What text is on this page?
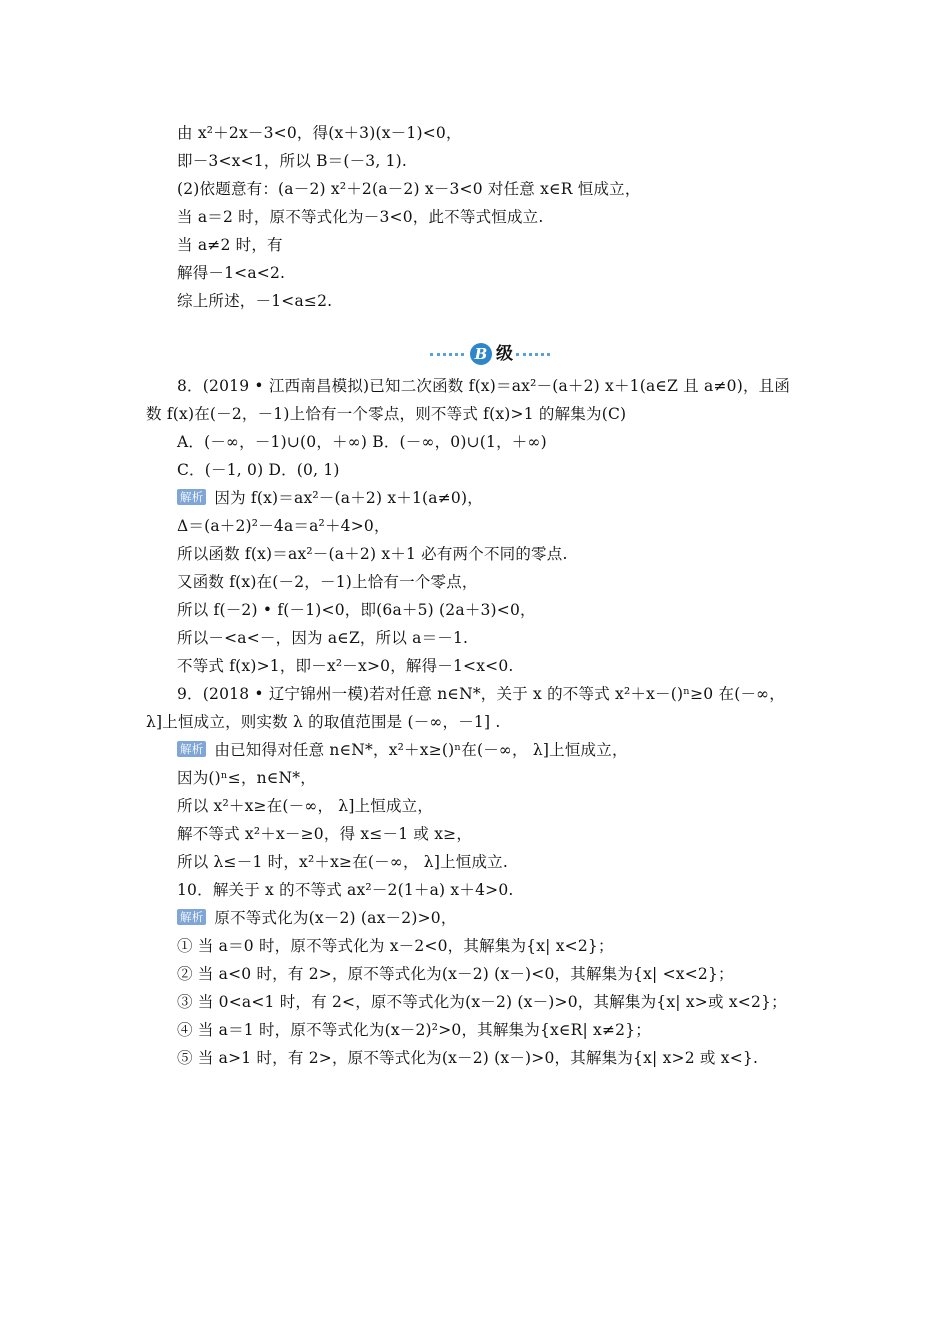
由 x²＋2x－3<0，得(x＋3)(x－1)<0，
即－3<x<1，所以 B＝(－3, 1).
(2)依题意有：(a－2) x²＋2(a－2) x－3<0 对任意 x∈R 恒成立，
当 a＝2 时，原不等式化为－3<0，此不等式恒成立.
当 a≠2 时，有
解得－1<a<2.
综上所述，－1<a≤2.
B 级
8．(2019 • 江西南昌模拟)已知二次函数 f(x)＝ax²－(a＋2) x＋1(a∈Z 且 a≠0)，且函
数 f(x)在(－2，－1)上恰有一个零点，则不等式 f(x)>1 的解集为(C)
A．(－∞，－1)∪(0，＋∞) B．(－∞，0)∪(1，＋∞)
C．(－1, 0) D．(0, 1)
解析 因为 f(x)＝ax²－(a＋2) x＋1(a≠0)，
Δ＝(a＋2)²－4a＝a²＋4>0，
所以函数 f(x)＝ax²－(a＋2) x＋1 必有两个不同的零点.
又函数 f(x)在(－2，－1)上恰有一个零点，
所以 f(－2) • f(－1)<0，即(6a＋5) (2a＋3)<0，
所以－<a<－，因为 a∈Z，所以 a＝－1.
不等式 f(x)>1，即－x²－x>0，解得－1<x<0.
9．(2018 • 辽宁锦州一模)若对任意 n∈N*，关于 x 的不等式 x²＋x－()ⁿ≥0 在(－∞，
λ]上恒成立，则实数 λ 的取值范围是 (－∞，－1] .
解析 由已知得对任意 n∈N*，x²＋x≥()ⁿ在(－∞， λ]上恒成立，
因为()ⁿ≤，n∈N*，
所以 x²＋x≥在(－∞， λ]上恒成立，
解不等式 x²＋x－≥0，得 x≤－1 或 x≥，
所以 λ≤－1 时，x²＋x≥在(－∞， λ]上恒成立.
10．解关于 x 的不等式 ax²－2(1＋a) x＋4>0.
解析 原不等式化为(x－2) (ax－2)>0，
① 当 a＝0 时，原不等式化为 x－2<0，其解集为{x| x<2}；
② 当 a<0 时，有 2>，原不等式化为(x－2) (x－)<0，其解集为{x| <x<2}；
③ 当 0<a<1 时，有 2<，原不等式化为(x－2) (x－)>0，其解集为{x| x>或 x<2}；
④ 当 a＝1 时，原不等式化为(x－2)²>0，其解集为{x∈R| x≠2}；
⑤ 当 a>1 时，有 2>，原不等式化为(x－2) (x－)>0，其解集为{x| x>2 或 x<}.
